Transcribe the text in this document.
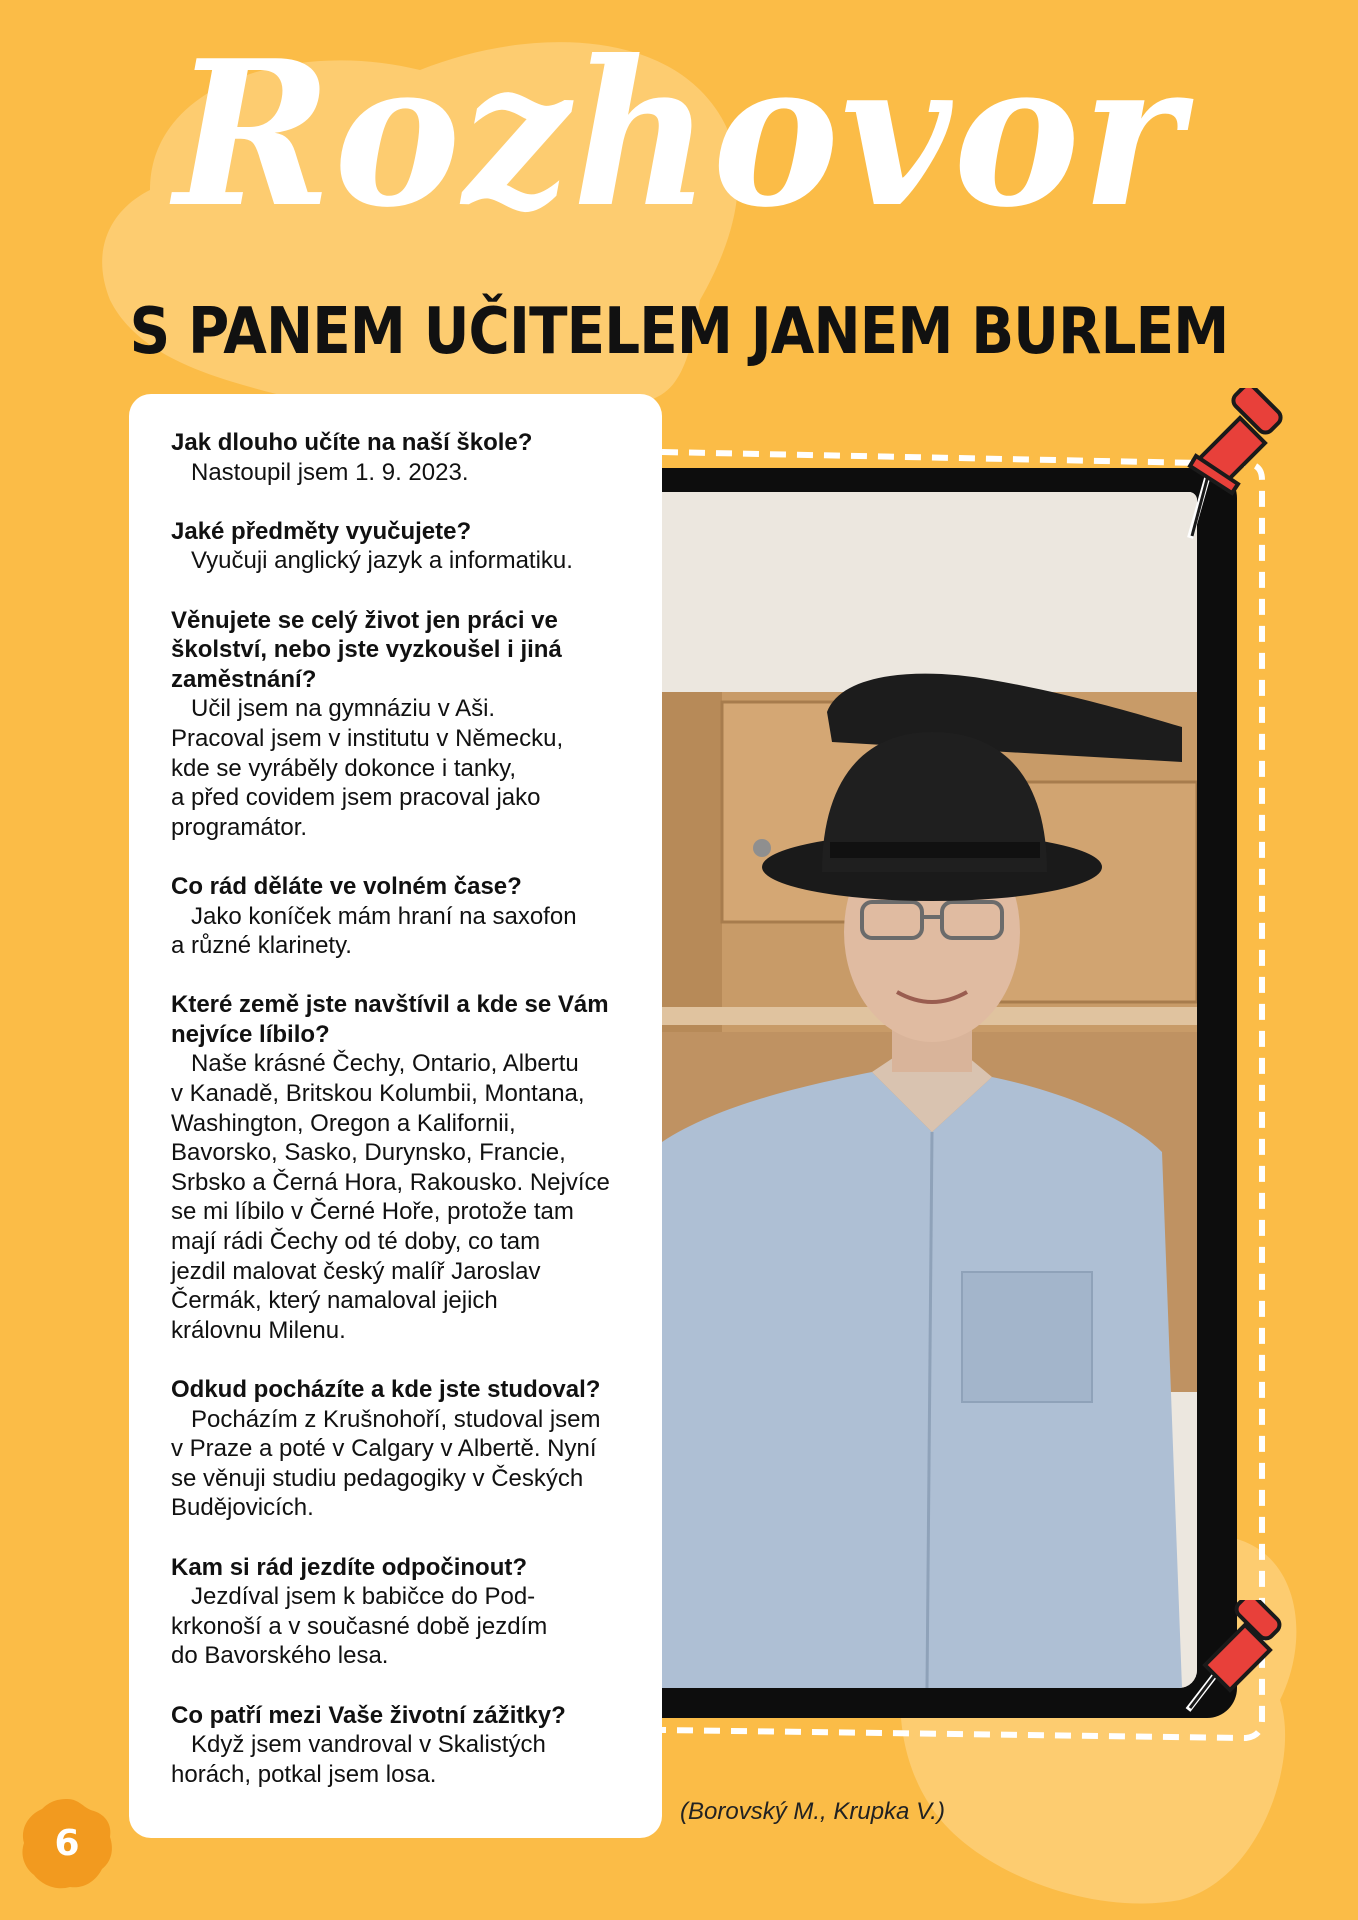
Rozhovor
S PANEM UČITELEM JANEM BURLEM

Jak dlouho učíte na naší škole?

Nastoupil jsem 1. 9. 2023.

Jaké předměty vyučujete?

Vyučuji anglický jazyk a informatiku.

Věnujete se celý život jen práci ve školství, nebo jste vyzkoušel i jiná zaměstnání?

Učil jsem na gymnáziu v Aši.
Pracoval jsem v institutu v Německu,
kde se vyráběly dokonce i tanky,
a před covidem jsem pracoval jako
programátor.

Co rád děláte ve volném čase?

Jako koníček mám hraní na saxofon
a různé klarinety.

Které země jste navštívil a kde se Vám nejvíce líbilo?

Naše krásné Čechy, Ontario, Albertu
v Kanadě, Britskou Kolumbii, Montana,
Washington, Oregon a Kalifornii,
Bavorsko, Sasko, Durynsko, Francie,
Srbsko a Černá Hora, Rakousko. Nejvíce
se mi líbilo v Černé Hoře, protože tam
mají rádi Čechy od té doby, co tam
jezdil malovat český malíř Jaroslav
Čermák, který namaloval jejich
královnu Milenu.

Odkud pocházíte a kde jste studoval?

Pocházím z Krušnohoří, studoval jsem
v Praze a poté v Calgary v Albertě. Nyní
se věnuji studiu pedagogiky v Českých
Budějovicích.

Kam si rád jezdíte odpočinout?

Jezdíval jsem k babičce do Pod-
krkonoší a v současné době jezdím
do Bavorského lesa.

Co patří mezi Vaše životní zážitky?

Když jsem vandroval v Skalistých
horách, potkal jsem losa.

(Borovský M., Krupka V.)
6
